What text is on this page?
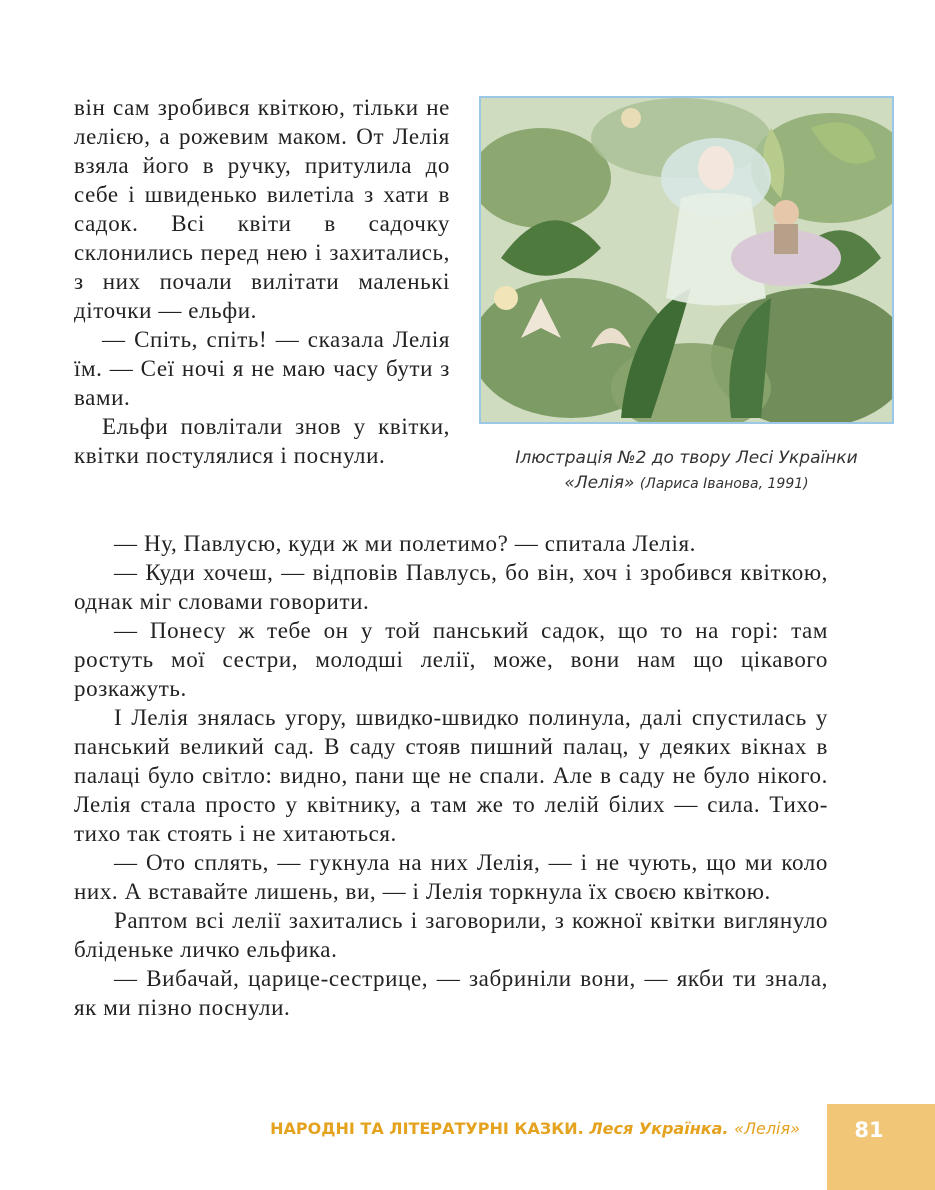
він сам зробився квіткою, тільки не лелією, а рожевим маком. От Лелія взяла його в ручку, притулила до себе і швиденько вилетіла з хати в садок. Всі квіти в садочку склонились перед нею і захитались, з них почали вилітати маленькі діточки — ельфи.

— Спіть, спіть! — сказала Лелія їм. — Сеї ночі я не маю часу бути з вами.

Ельфи повлітали знов у квітки, квітки постулялися і поснули.	Ілюстрація №2 до твору Лесі Українки «Лелія» (Лариса Іванова, 1991)

— Ну, Павлусю, куди ж ми полетимо? — спитала Лелія.

— Куди хочеш, — відповів Павлусь, бо він, хоч і зробився квіткою, однак міг словами говорити.

— Понесу ж тебе он у той панський садок, що то на горі: там ростуть мої сестри, молодші лелії, може, вони нам що цікавого розкажуть.

І Лелія знялась угору, швидко-швидко полинула, далі спустилась у панський великий сад. В саду стояв пишний палац, у деяких вікнах в палаці було світло: видно, пани ще не спали. Але в саду не було нікого. Лелія стала просто у квітнику, а там же то лелій білих — сила. Тихо-тихо так стоять і не хитаються.

— Ото сплять, — гукнула на них Лелія, — і не чують, що ми коло них. А вставайте лишень, ви, — і Лелія торкнула їх своєю квіткою.

Раптом всі лелії захитались і заговорили, з кожної квітки виглянуло бліденьке личко ельфика.

— Вибачай, царице-сестрице, — забриніли вони, — якби ти знала, як ми пізно поснули.

НАРОДНІ ТА ЛІТЕРАТУРНІ КАЗКИ. Леся Українка. «Лелія»	81
